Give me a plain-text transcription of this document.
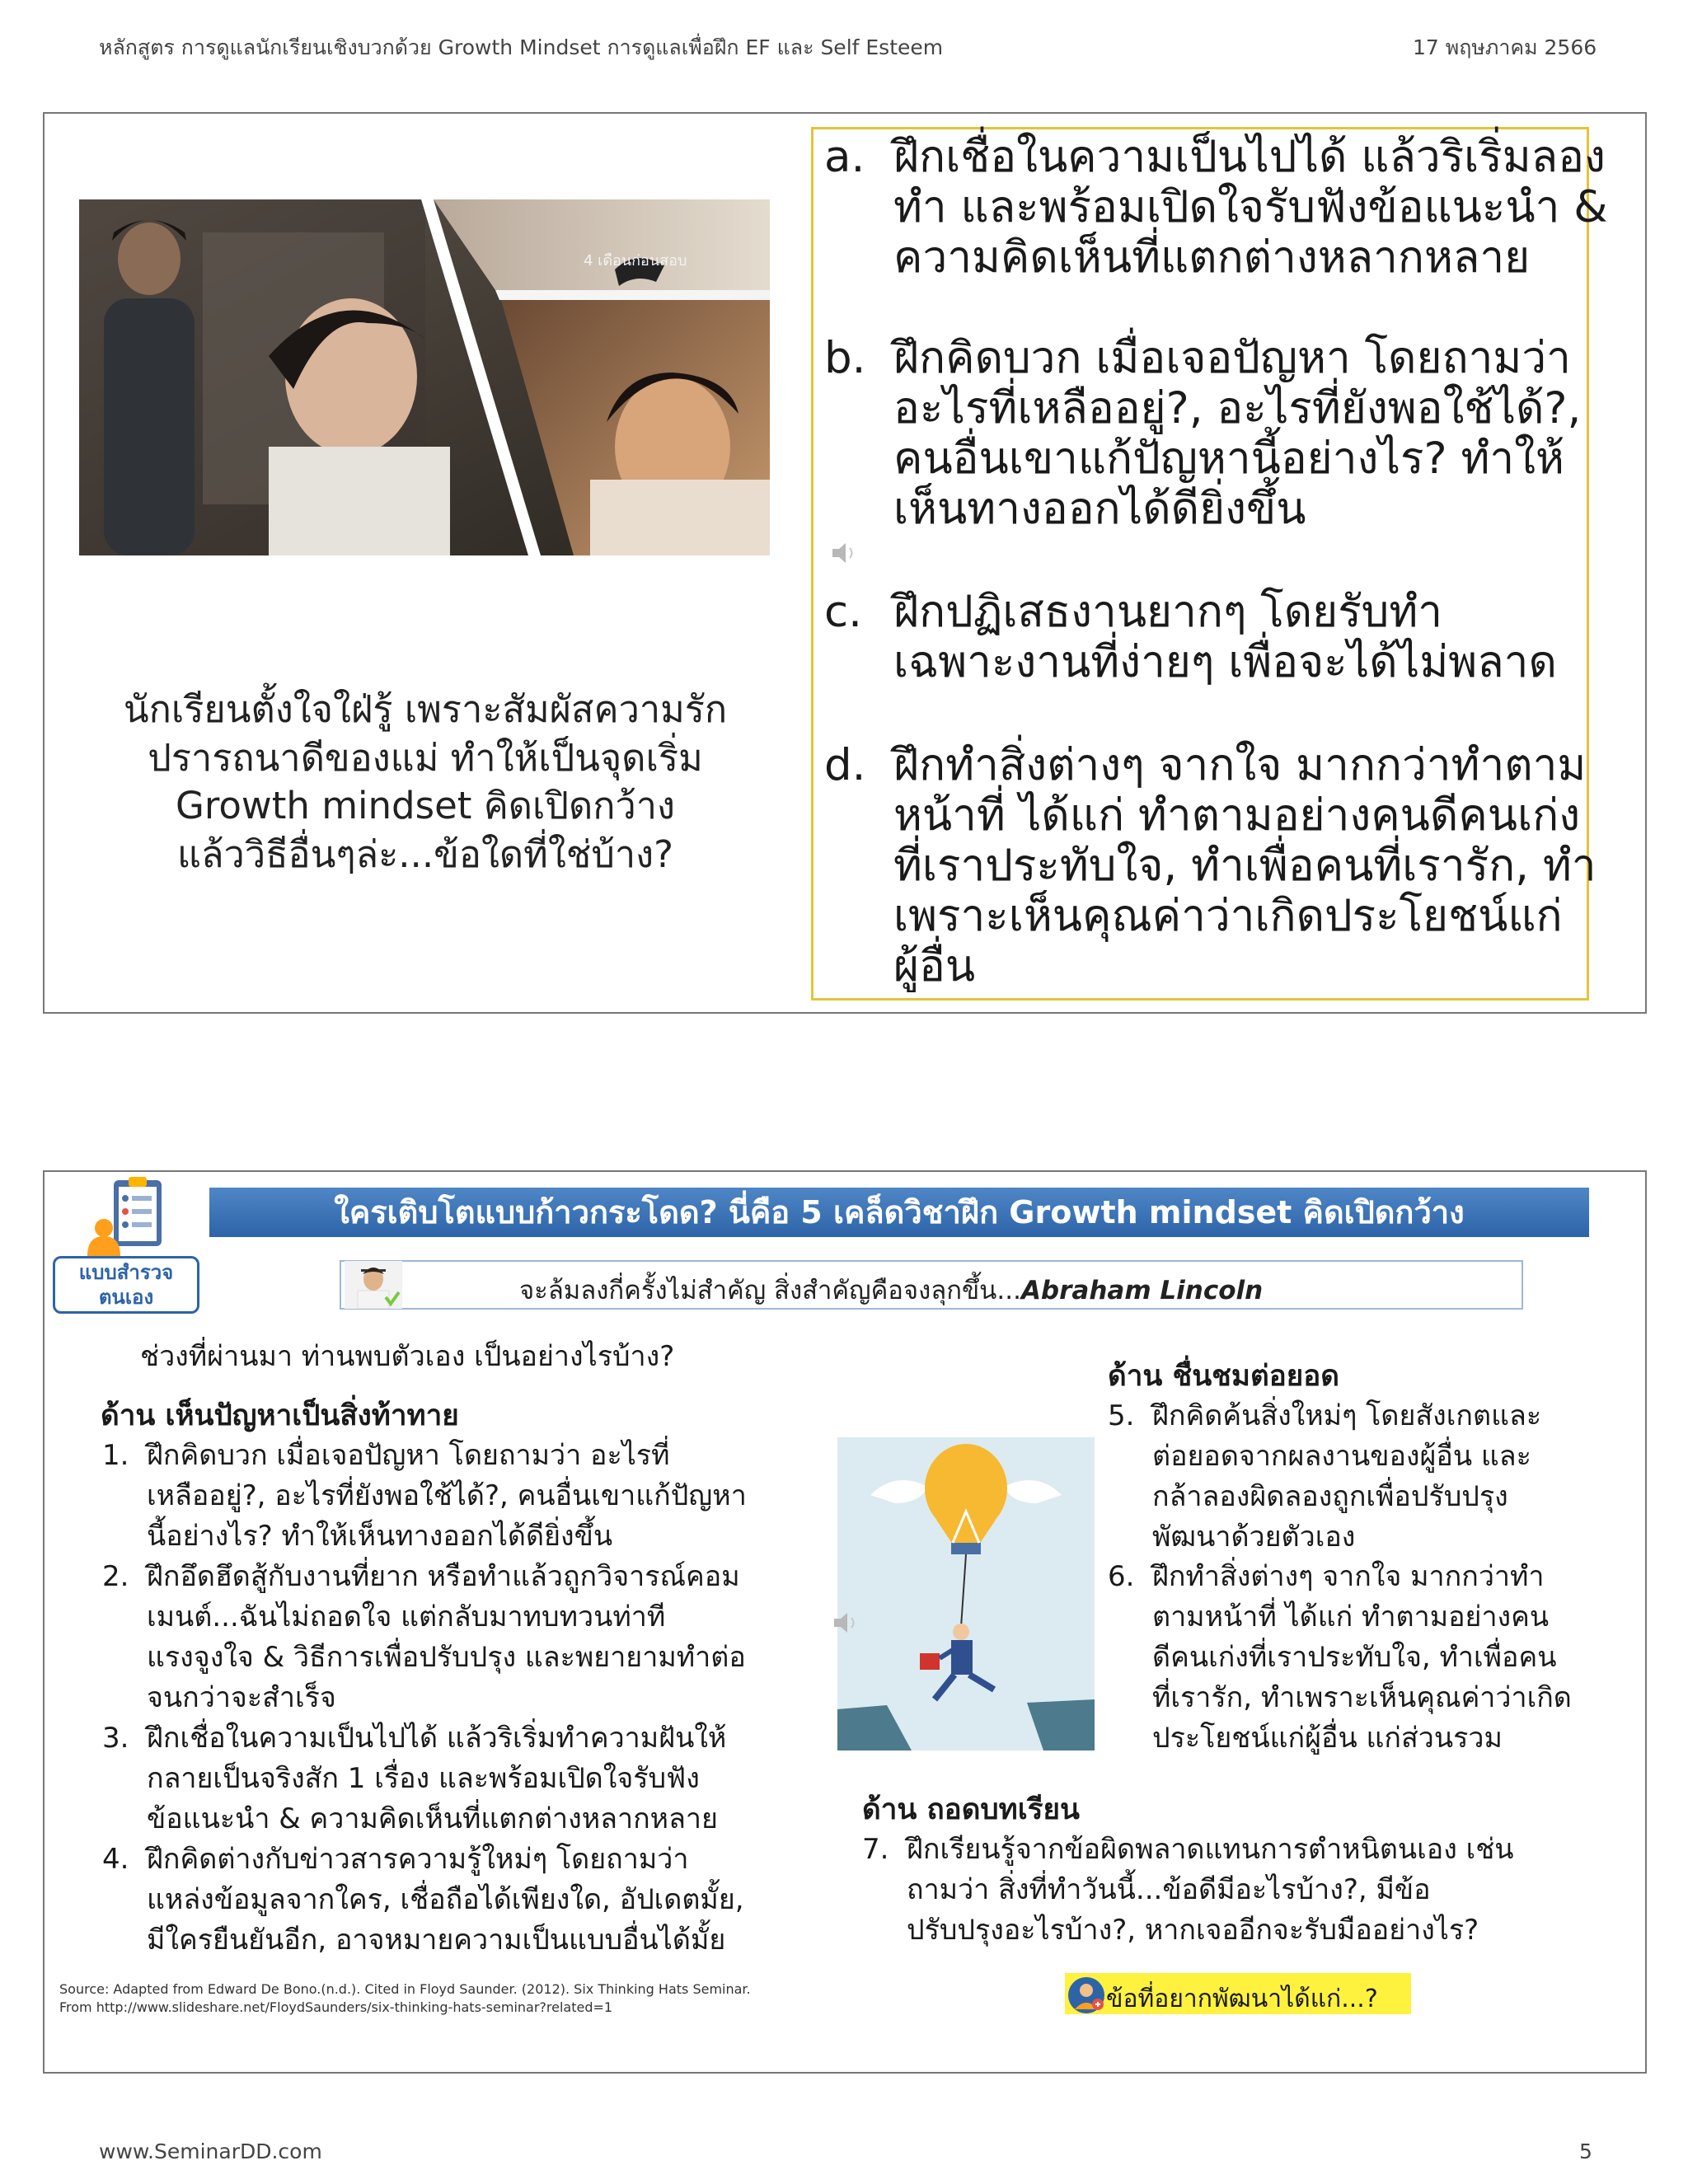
หลักสูตร การดูแลนักเรียนเชิงบวกด้วย Growth Mindset การดูแลเพื่อฝึก EF และ Self Esteem	17 พฤษภาคม 2566
4 เดือนก่อนสอบ
นักเรียนตั้งใจใฝ่รู้ เพราะสัมผัสความรัก
ปรารถนาดีของแม่ ทำให้เป็นจุดเริ่ม
Growth mindset คิดเปิดกว้าง
แล้ววิธีอื่นๆล่ะ...ข้อใดที่ใช่บ้าง?
a. ฝึกเชื่อในความเป็นไปได้ แล้วริเริ่มลอง
ทำ และพร้อมเปิดใจรับฟังข้อแนะนำ &
ความคิดเห็นที่แตกต่างหลากหลาย
b. ฝึกคิดบวก เมื่อเจอปัญหา โดยถามว่า
อะไรที่เหลืออยู่?, อะไรที่ยังพอใช้ได้?,
คนอื่นเขาแก้ปัญหานี้อย่างไร? ทำให้
เห็นทางออกได้ดียิ่งขึ้น
c. ฝึกปฏิเสธงานยากๆ โดยรับทำ
เฉพาะงานที่ง่ายๆ เพื่อจะได้ไม่พลาด
d. ฝึกทำสิ่งต่างๆ จากใจ มากกว่าทำตาม
หน้าที่ ได้แก่ ทำตามอย่างคนดีคนเก่ง
ที่เราประทับใจ, ทำเพื่อคนที่เรารัก, ทำ
เพราะเห็นคุณค่าว่าเกิดประโยชน์แก่
ผู้อื่น
แบบสำรวจ
ตนเอง
ใครเติบโตแบบก้าวกระโดด? นี่คือ 5 เคล็ดวิชาฝึก Growth mindset คิดเปิดกว้าง
จะล้มลงกี่ครั้งไม่สำคัญ สิ่งสำคัญคือจงลุกขึ้น...Abraham Lincoln
ช่วงที่ผ่านมา ท่านพบตัวเอง เป็นอย่างไรบ้าง?
ด้าน เห็นปัญหาเป็นสิ่งท้าทาย
1. ฝึกคิดบวก เมื่อเจอปัญหา โดยถามว่า อะไรที่
เหลืออยู่?, อะไรที่ยังพอใช้ได้?, คนอื่นเขาแก้ปัญหา
นี้อย่างไร? ทำให้เห็นทางออกได้ดียิ่งขึ้น
2. ฝึกอึดฮึดสู้กับงานที่ยาก หรือทำแล้วถูกวิจารณ์คอม
เมนต์...ฉันไม่ถอดใจ แต่กลับมาทบทวนท่าที
แรงจูงใจ & วิธีการเพื่อปรับปรุง และพยายามทำต่อ
จนกว่าจะสำเร็จ
3. ฝึกเชื่อในความเป็นไปได้ แล้วริเริ่มทำความฝันให้
กลายเป็นจริงสัก 1 เรื่อง และพร้อมเปิดใจรับฟัง
ข้อแนะนำ & ความคิดเห็นที่แตกต่างหลากหลาย
4. ฝึกคิดต่างกับข่าวสารความรู้ใหม่ๆ โดยถามว่า
แหล่งข้อมูลจากใคร, เชื่อถือได้เพียงใด, อัปเดตมั้ย,
มีใครยืนยันอีก, อาจหมายความเป็นแบบอื่นได้มั้ย
ด้าน ชื่นชมต่อยอด
5. ฝึกคิดค้นสิ่งใหม่ๆ โดยสังเกตและ
ต่อยอดจากผลงานของผู้อื่น และ
กล้าลองผิดลองถูกเพื่อปรับปรุง
พัฒนาด้วยตัวเอง
6. ฝึกทำสิ่งต่างๆ จากใจ มากกว่าทำ
ตามหน้าที่ ได้แก่ ทำตามอย่างคน
ดีคนเก่งที่เราประทับใจ, ทำเพื่อคน
ที่เรารัก, ทำเพราะเห็นคุณค่าว่าเกิด
ประโยชน์แก่ผู้อื่น แก่ส่วนรวม
ด้าน ถอดบทเรียน
7. ฝึกเรียนรู้จากข้อผิดพลาดแทนการตำหนิตนเอง เช่น
ถามว่า สิ่งที่ทำวันนี้...ข้อดีมีอะไรบ้าง?, มีข้อ
ปรับปรุงอะไรบ้าง?, หากเจออีกจะรับมืออย่างไร?
Source: Adapted from Edward De Bono.(n.d.). Cited in Floyd Saunder. (2012). Six Thinking Hats Seminar.
From http://www.slideshare.net/FloydSaunders/six-thinking-hats-seminar?related=1	ข้อที่อยากพัฒนาได้แก่...?
www.SeminarDD.com	5
